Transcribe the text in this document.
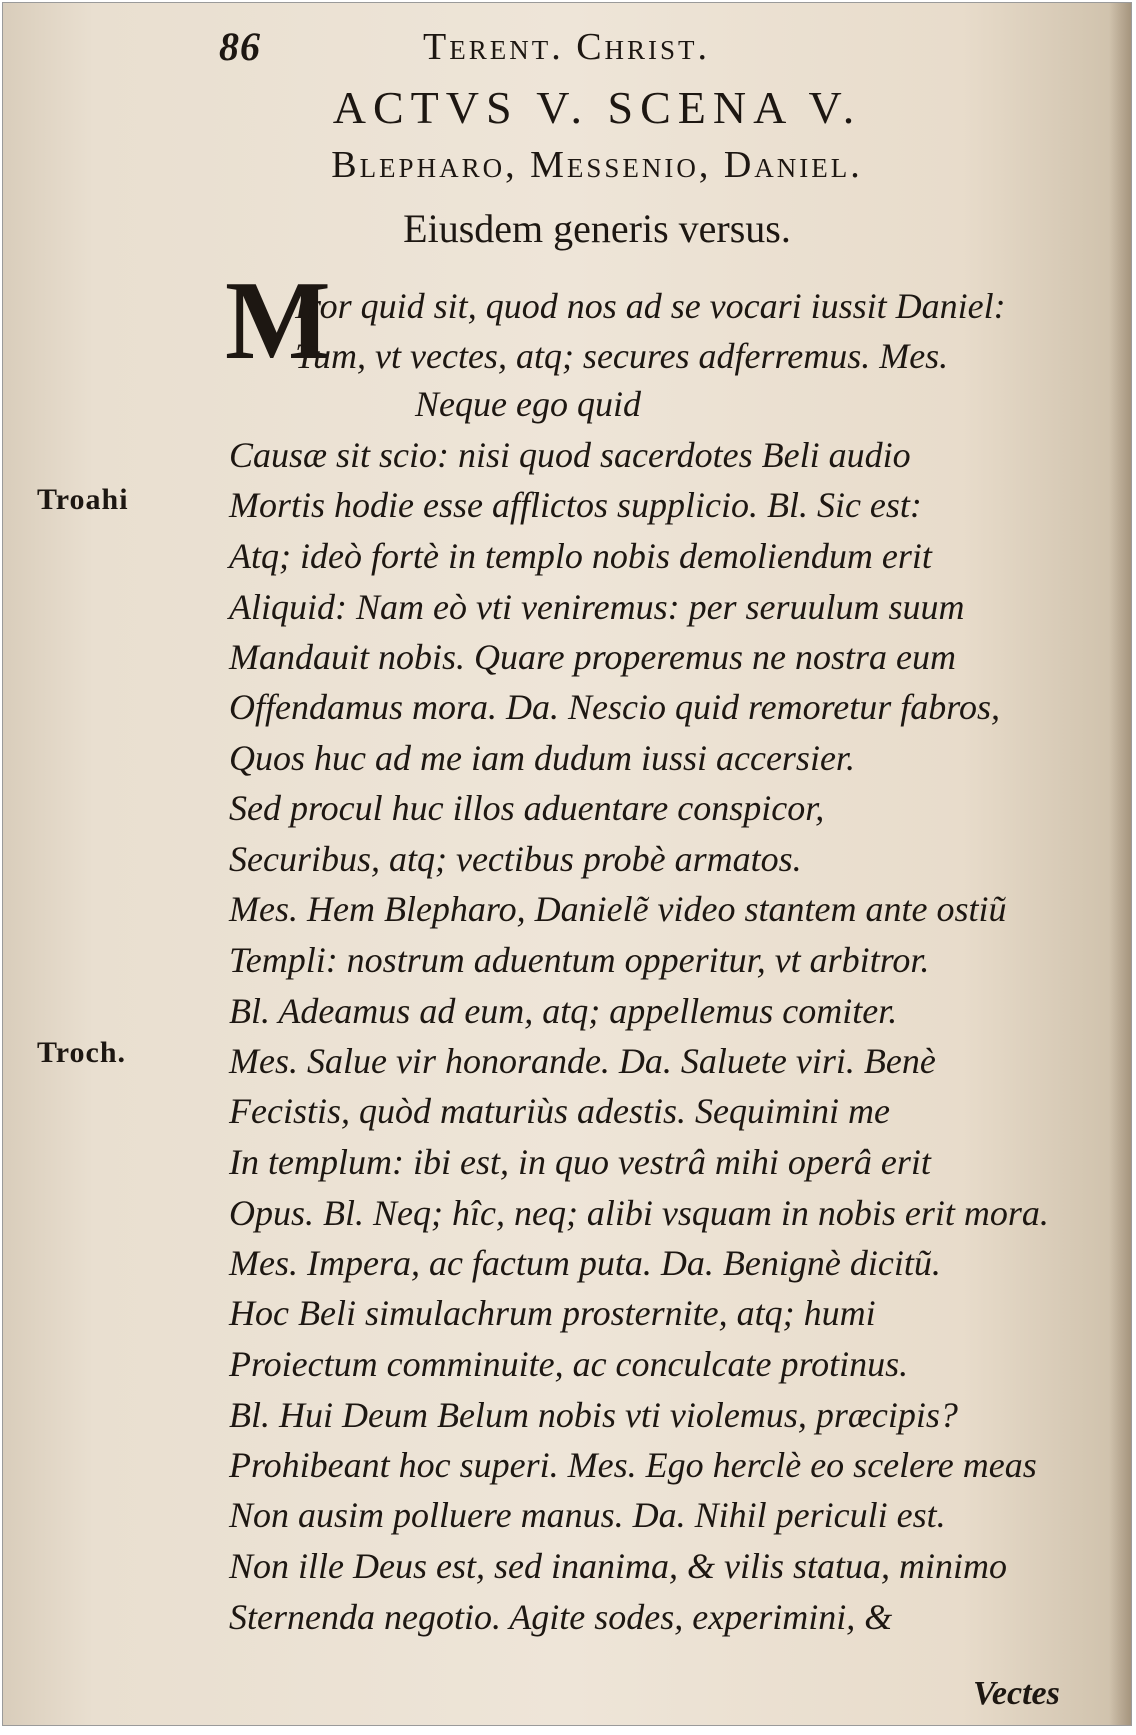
86	Terent. Christ.
ACTVS V. SCENA V.
Blepharo, Messenio, Daniel.
Eiusdem generis versus.
M
Troahi
Troch.
Iror quid sit, quod nos ad se vocari iussit Daniel:
Tum, vt vectes, atq; secures adferremus. Mes.
Neque ego quid
Causæ sit scio: nisi quod sacerdotes Beli audio
Mortis hodie esse afflictos supplicio. Bl. Sic est:
Atq; ideò fortè in templo nobis demoliendum erit
Aliquid: Nam eò vti veniremus: per seruulum suum
Mandauit nobis. Quare properemus ne nostra eum
Offendamus mora. Da. Nescio quid remoretur fabros,
Quos huc ad me iam dudum iussi accersier.
Sed procul huc illos aduentare conspicor,
Securibus, atq; vectibus probè armatos.
Mes. Hem Blepharo, Danielẽ video stantem ante ostiũ
Templi: nostrum aduentum opperitur, vt arbitror.
Bl. Adeamus ad eum, atq; appellemus comiter.
Mes. Salue vir honorande. Da. Saluete viri. Benè
Fecistis, quòd maturiùs adestis. Sequimini me
In templum: ibi est, in quo vestrâ mihi operâ erit
Opus. Bl. Neq; hîc, neq; alibi vsquam in nobis erit mora.
Mes. Impera, ac factum puta. Da. Benignè dicitũ.
Hoc Beli simulachrum prosternite, atq; humi
Proiectum comminuite, ac conculcate protinus.
Bl. Hui Deum Belum nobis vti violemus, præcipis?
Prohibeant hoc superi. Mes. Ego herclè eo scelere meas
Non ausim polluere manus. Da. Nihil periculi est.
Non ille Deus est, sed inanima, & vilis statua, minimo
Sternenda negotio. Agite sodes, experimini, &
Vectes
